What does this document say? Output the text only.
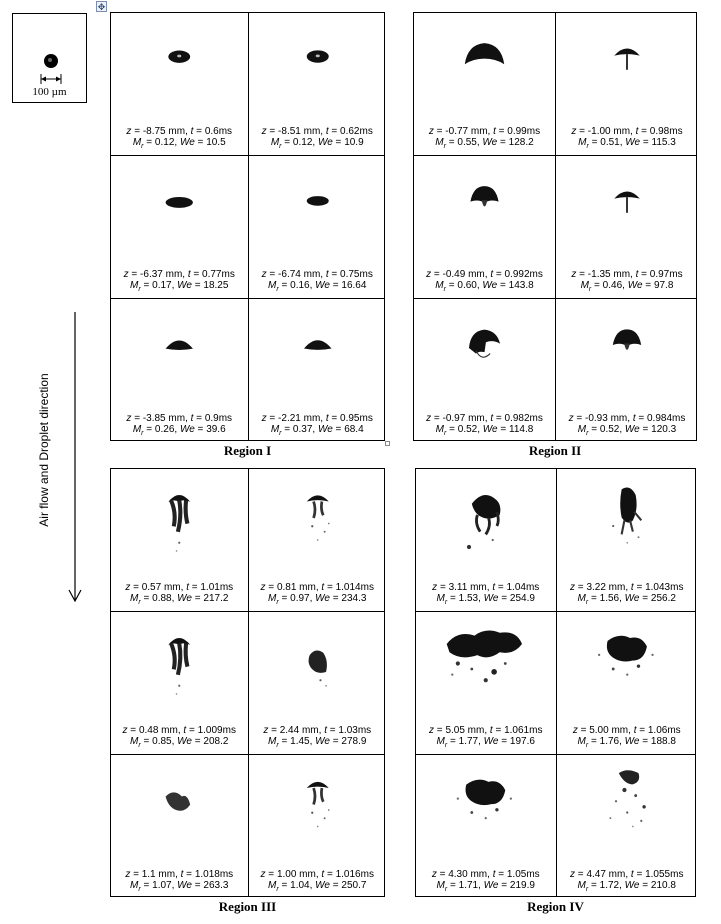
✥
100 µm
Air flow and Droplet direction
z = -8.75 mm, t = 0.6ms
$M_r = 0.12$, We = 10.5
z = -8.51 mm, t = 0.62ms
$M_r = 0.12$, We = 10.9
z = -6.37 mm, t = 0.77ms
$M_r = 0.17$, We = 18.25
z = -6.74 mm, t = 0.75ms
$M_r = 0.16$, We = 16.64
z = -3.85 mm, t = 0.9ms
$M_r = 0.26$, We = 39.6
z = -2.21 mm, t = 0.95ms
$M_r = 0.37$, We = 68.4
z = -0.77 mm, t = 0.99ms
$M_r = 0.55$, We = 128.2
z = -1.00 mm, t = 0.98ms
$M_r = 0.51$, We = 115.3
z = -0.49 mm, t = 0.992ms
$M_r = 0.60$, We = 143.8
z = -1.35 mm, t = 0.97ms
$M_r = 0.46$, We = 97.8
z = -0.97 mm, t = 0.982ms
$M_r = 0.52$, We = 114.8
z = -0.93 mm, t = 0.984ms
$M_r = 0.52$, We = 120.3
z = 0.57 mm, t = 1.01ms
$M_r = 0.88$, We = 217.2
z = 0.81 mm, t = 1.014ms
$M_r = 0.97$, We = 234.3
z = 0.48 mm, t = 1.009ms
$M_r = 0.85$, We = 208.2
z = 2.44 mm, t = 1.03ms
$M_r = 1.45$, We = 278.9
z = 1.1 mm, t = 1.018ms
$M_r = 1.07$, We = 263.3
z = 1.00 mm, t = 1.016ms
$M_r = 1.04$, We = 250.7
z = 3.11 mm, t = 1.04ms
$M_r = 1.53$, We = 254.9
z = 3.22 mm, t = 1.043ms
$M_r = 1.56$, We = 256.2
z = 5.05 mm, t = 1.061ms
$M_r = 1.77$, We = 197.6
z = 5.00 mm, t = 1.06ms
$M_r = 1.76$, We = 188.8
z = 4.30 mm, t = 1.05ms
$M_r = 1.71$, We = 219.9
z = 4.47 mm, t = 1.055ms
$M_r = 1.72$, We = 210.8
Region I	Region II
Region III	Region IV
